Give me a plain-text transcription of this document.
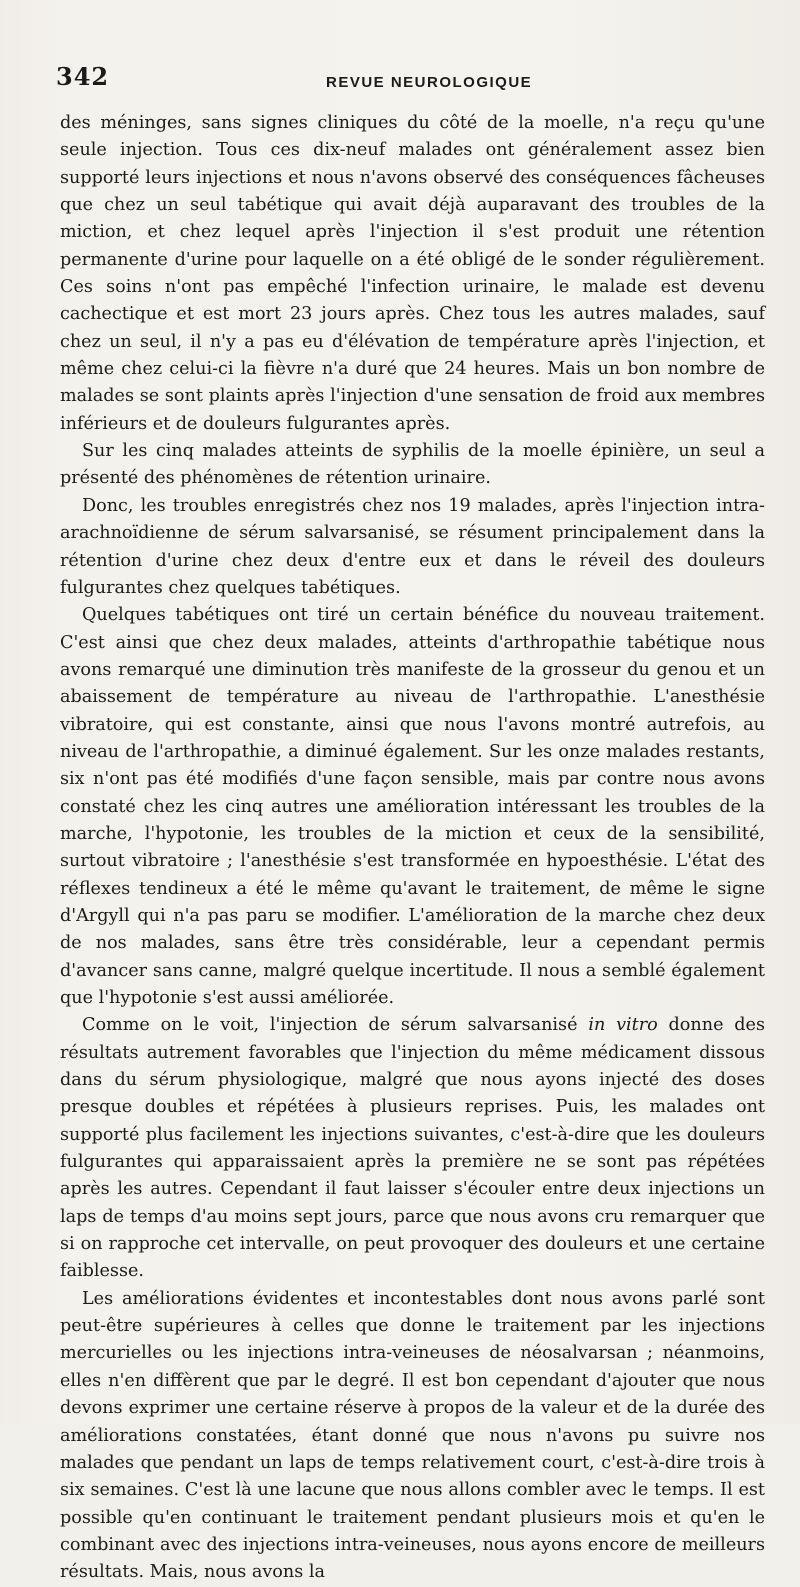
342	REVUE NEUROLOGIQUE

des méninges, sans signes cliniques du côté de la moelle, n'a reçu qu'une seule injection. Tous ces dix-neuf malades ont généralement assez bien supporté leurs injections et nous n'avons observé des conséquences fâcheuses que chez un seul tabétique qui avait déjà auparavant des troubles de la miction, et chez lequel après l'injection il s'est produit une rétention permanente d'urine pour laquelle on a été obligé de le sonder régulièrement. Ces soins n'ont pas empêché l'infection urinaire, le malade est devenu cachectique et est mort 23 jours après. Chez tous les autres malades, sauf chez un seul, il n'y a pas eu d'élévation de température après l'injection, et même chez celui-ci la fièvre n'a duré que 24 heures. Mais un bon nombre de malades se sont plaints après l'injection d'une sensation de froid aux membres inférieurs et de douleurs fulgurantes après.

Sur les cinq malades atteints de syphilis de la moelle épinière, un seul a présenté des phénomènes de rétention urinaire.

Donc, les troubles enregistrés chez nos 19 malades, après l'injection intra-arachnoïdienne de sérum salvarsanisé, se résument principalement dans la rétention d'urine chez deux d'entre eux et dans le réveil des douleurs fulgurantes chez quelques tabétiques.

Quelques tabétiques ont tiré un certain bénéfice du nouveau traitement. C'est ainsi que chez deux malades, atteints d'arthropathie tabétique nous avons remarqué une diminution très manifeste de la grosseur du genou et un abaissement de température au niveau de l'arthropathie. L'anesthésie vibratoire, qui est constante, ainsi que nous l'avons montré autrefois, au niveau de l'arthropathie, a diminué également. Sur les onze malades restants, six n'ont pas été modifiés d'une façon sensible, mais par contre nous avons constaté chez les cinq autres une amélioration intéressant les troubles de la marche, l'hypotonie, les troubles de la miction et ceux de la sensibilité, surtout vibratoire ; l'anesthésie s'est transformée en hypoesthésie. L'état des réflexes tendineux a été le même qu'avant le traitement, de même le signe d'Argyll qui n'a pas paru se modifier. L'amélioration de la marche chez deux de nos malades, sans être très considérable, leur a cependant permis d'avancer sans canne, malgré quelque incertitude. Il nous a semblé également que l'hypotonie s'est aussi améliorée.

Comme on le voit, l'injection de sérum salvarsanisé in vitro donne des résultats autrement favorables que l'injection du même médicament dissous dans du sérum physiologique, malgré que nous ayons injecté des doses presque doubles et répétées à plusieurs reprises. Puis, les malades ont supporté plus facilement les injections suivantes, c'est-à-dire que les douleurs fulgurantes qui apparaissaient après la première ne se sont pas répétées après les autres. Cependant il faut laisser s'écouler entre deux injections un laps de temps d'au moins sept jours, parce que nous avons cru remarquer que si on rapproche cet intervalle, on peut provoquer des douleurs et une certaine faiblesse.

Les améliorations évidentes et incontestables dont nous avons parlé sont peut-être supérieures à celles que donne le traitement par les injections mercurielles ou les injections intra-veineuses de néosalvarsan ; néanmoins, elles n'en diffèrent que par le degré. Il est bon cependant d'ajouter que nous devons exprimer une certaine réserve à propos de la valeur et de la durée des améliorations constatées, étant donné que nous n'avons pu suivre nos malades que pendant un laps de temps relativement court, c'est-à-dire trois à six semaines. C'est là une lacune que nous allons combler avec le temps. Il est possible qu'en continuant le traitement pendant plusieurs mois et qu'en le combinant avec des injections intra-veineuses, nous ayons encore de meilleurs résultats. Mais, nous avons la
